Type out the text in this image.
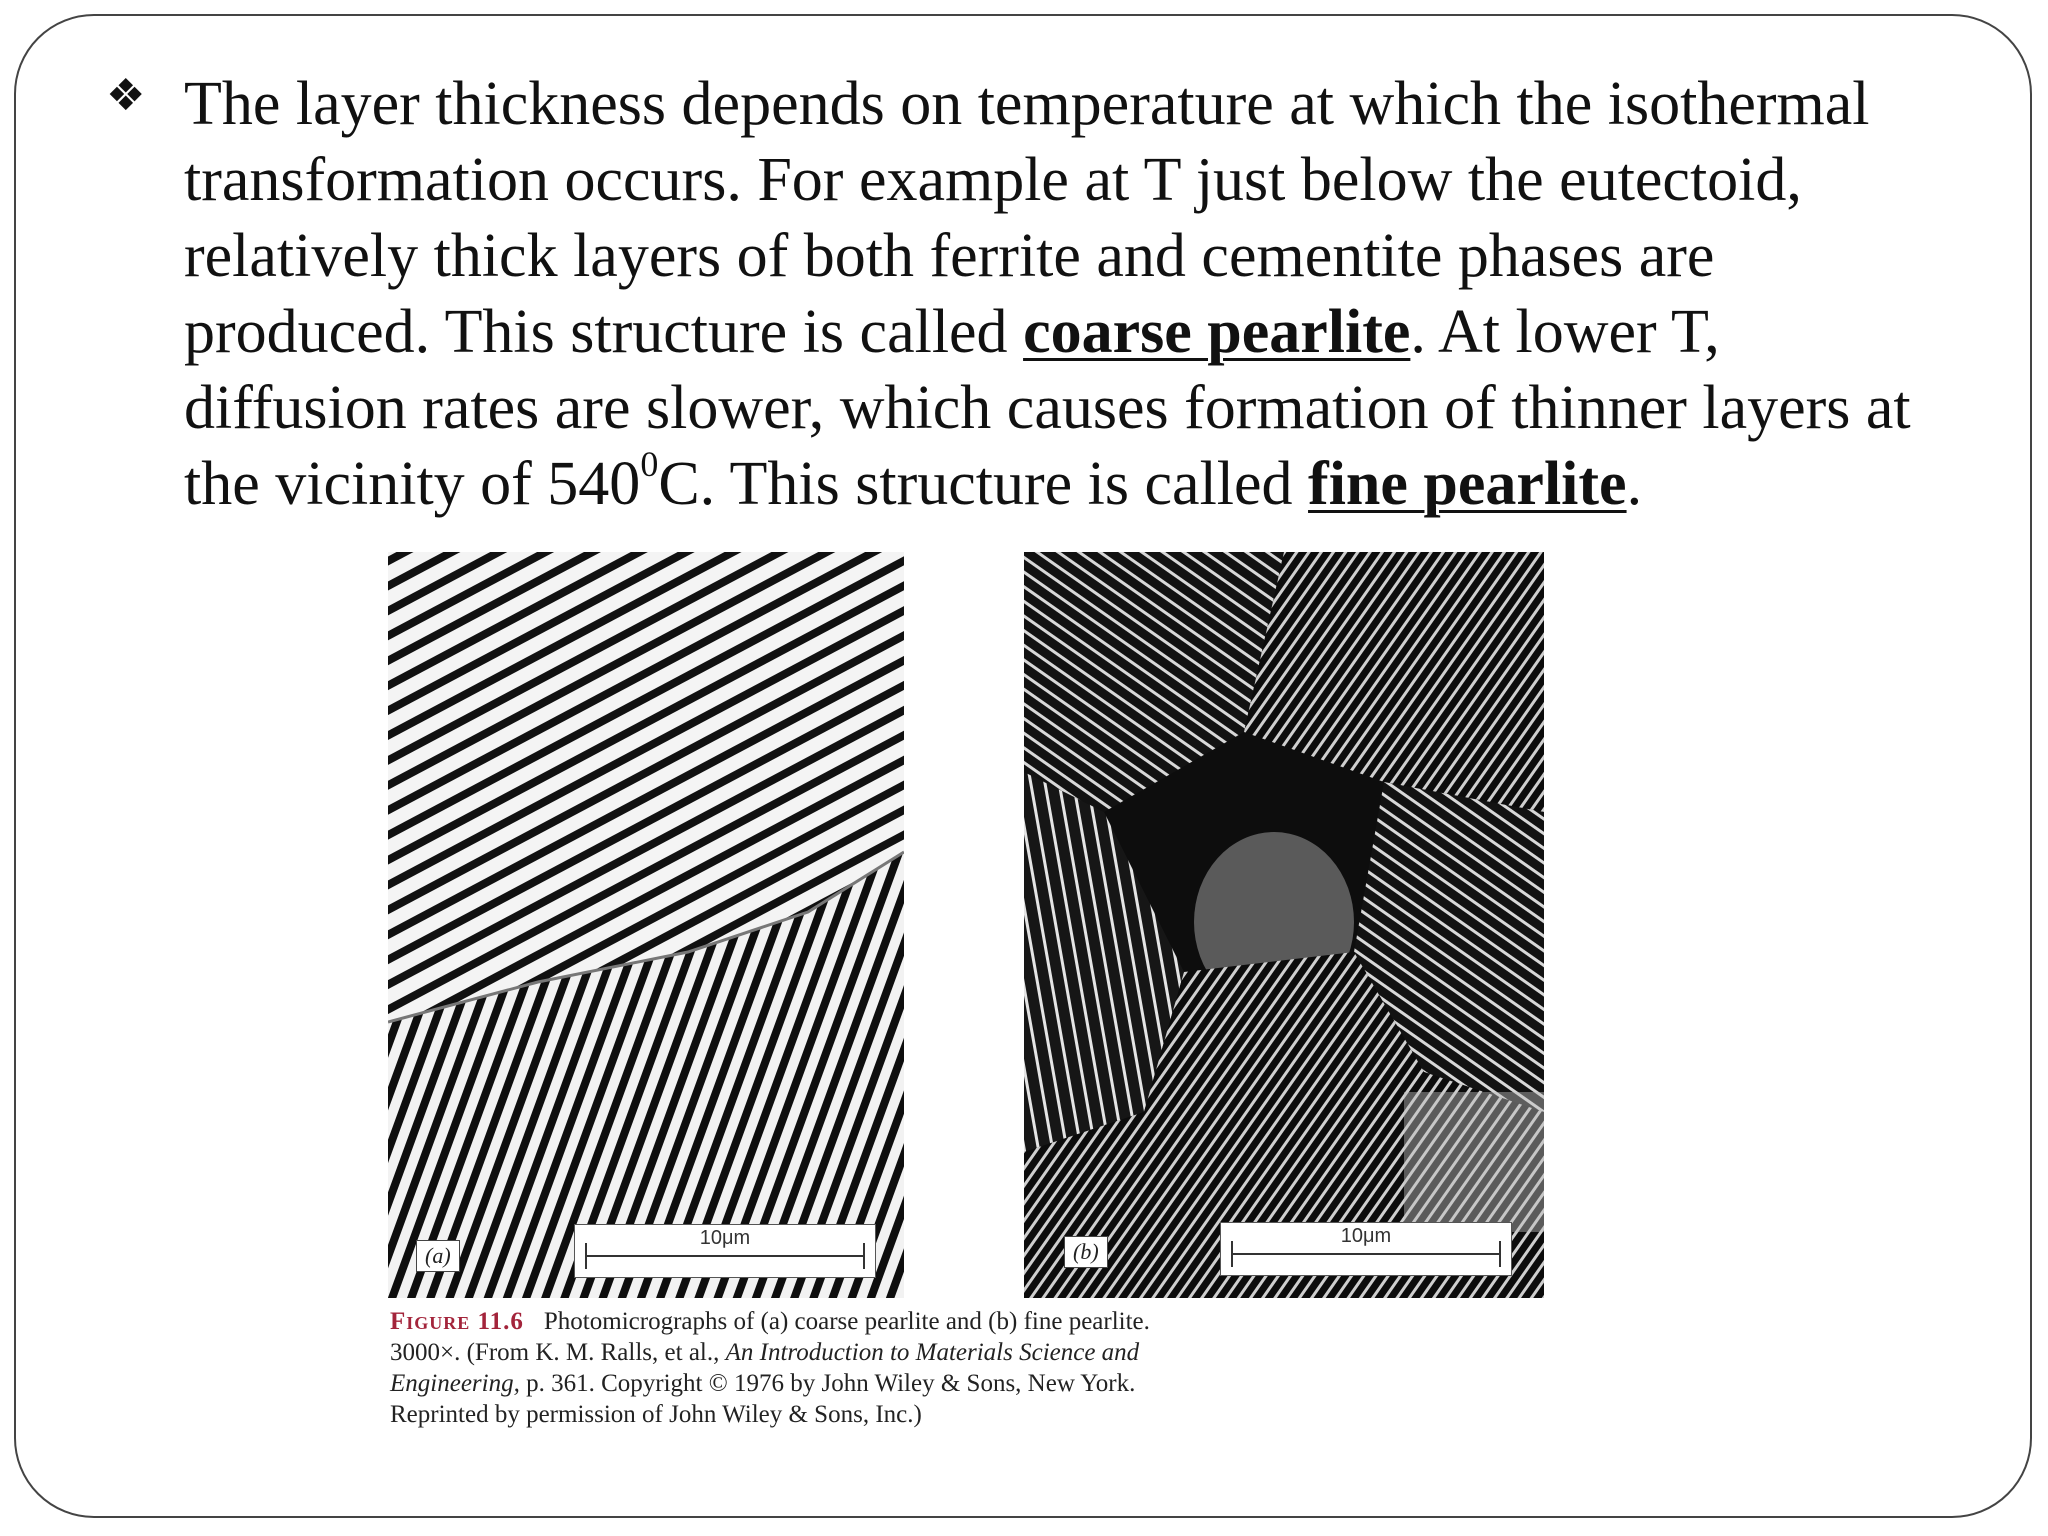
❖ The layer thickness depends on temperature at which the isothermal
transformation occurs. For example at T just below the eutectoid,
relatively thick layers of both ferrite and cementite phases are
produced. This structure is called coarse pearlite. At lower T,
diffusion rates are slower, which causes formation of thinner layers at
the vicinity of $540^0C$. This structure is called fine pearlite.
(a)
10μm
(b)
10μm
Figure 11.6 Photomicrographs of (a) coarse pearlite and (b) fine pearlite.
3000×. (From K. M. Ralls, et al., An Introduction to Materials Science and
Engineering, p. 361. Copyright © 1976 by John Wiley & Sons, New York.
Reprinted by permission of John Wiley & Sons, Inc.)
